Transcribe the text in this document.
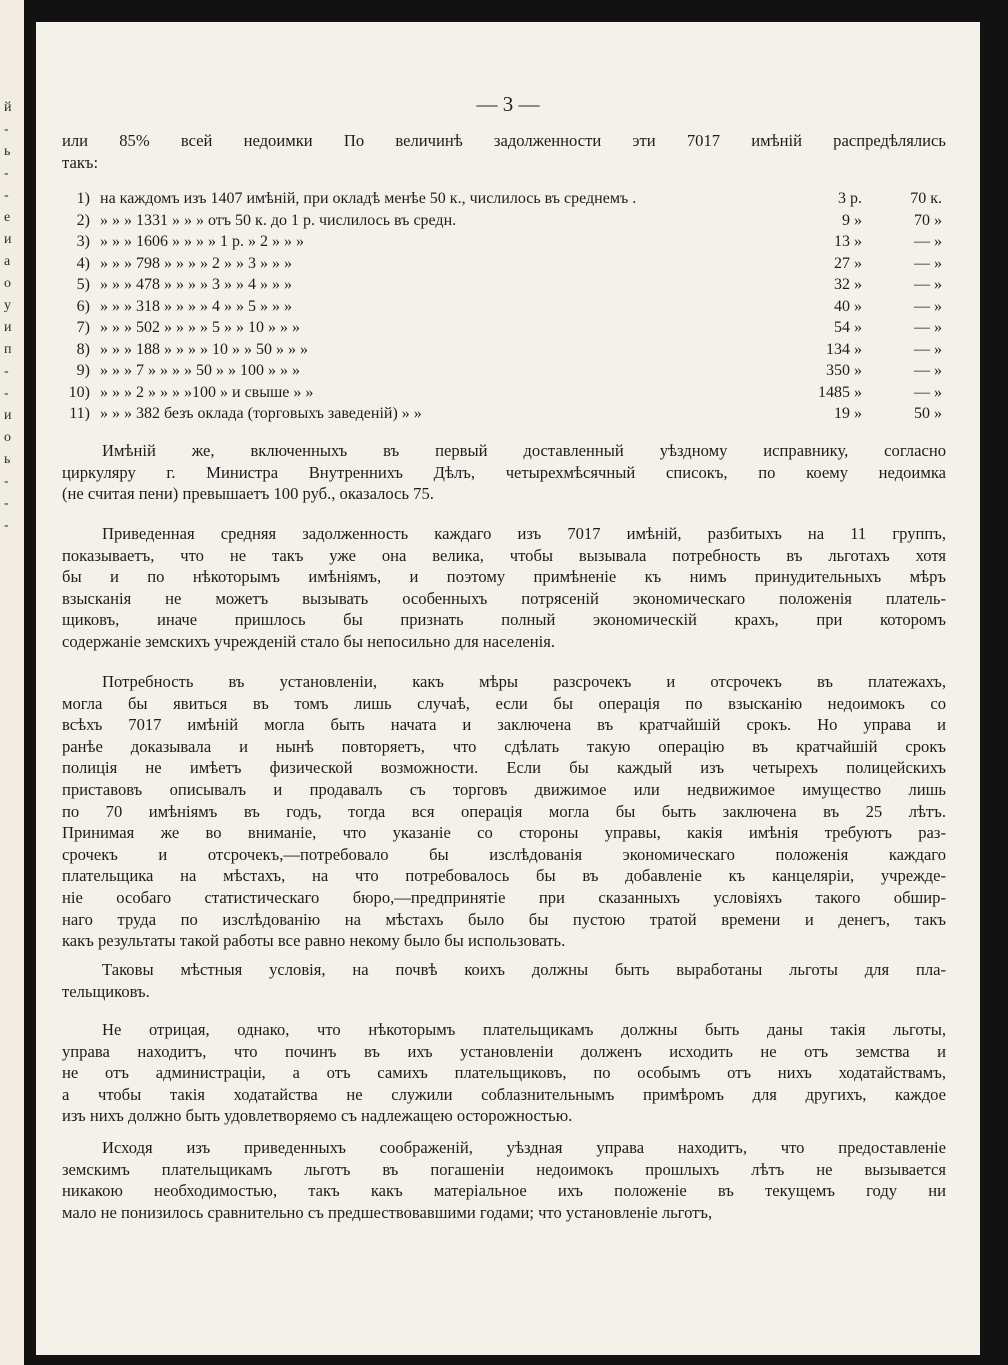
й
-
ь
-
-
е
и
а
о
у
и
п
-
-
и
о
ь
-
-
-
— 3 —
или 85% всей недоимки По величинѣ задолженности эти 7017 имѣнiй распредѣлялись
такъ:
1) на каждомъ изъ 1407 имѣнiй, при окладѣ менѣе 50 к., числилось въ среднемъ .	3 р.	70 к.
2) » » » 1331 » » » отъ 50 к. до 1 р. числилось въ средн.	9 »	70 »
3) » » » 1606 » » » » 1 р. » 2 » » »	13 »	— »
4) » » » 798 » » » » 2 » » 3 » » »	27 »	— »
5) » » » 478 » » » » 3 » » 4 » » »	32 »	— »
6) » » » 318 » » » » 4 » » 5 » » »	40 »	— »
7) » » » 502 » » » » 5 » » 10 » » »	54 »	— »
8) » » » 188 » » » » 10 » » 50 » » »	134 »	— »
9) » » » 7 » » » » 50 » » 100 » » »	350 »	— »
10) » » » 2 » » » »100 » и свыше » »	1485 »	— »
11) » » » 382 безъ оклада (торговыхъ заведенiй) » »	19 »	50 »
Имѣнiй же, включенныхъ въ первый доставленный уѣздному исправнику, согласно
циркуляру г. Министра Внутреннихъ Дѣлъ, четырехмѣсячный списокъ, по коему недоимка
(не считая пени) превышаетъ 100 руб., оказалось 75.
Приведенная средняя задолженность каждаго изъ 7017 имѣнiй, разбитыхъ на 11 группъ,
показываетъ, что не такъ уже она велика, чтобы вызывала потребность въ льготахъ хотя
бы и по нѣкоторымъ имѣнiямъ, и поэтому примѣненiе къ нимъ принудительныхъ мѣръ
взысканiя не можетъ вызывать особенныхъ потрясенiй экономическаго положенiя платель-
щиковъ, иначе пришлось бы признать полный экономическiй крахъ, при которомъ
содержанiе земскихъ учрежденiй стало бы непосильно для населенiя.
Потребность въ установленiи, какъ мѣры разсрочекъ и отсрочекъ въ платежахъ,
могла бы явиться въ томъ лишь случаѣ, если бы операцiя по взысканiю недоимокъ со
всѣхъ 7017 имѣнiй могла быть начата и заключена въ кратчайшiй срокъ. Но управа и
ранѣе доказывала и нынѣ повторяетъ, что сдѣлать такую операцiю въ кратчайшiй срокъ
полицiя не имѣетъ физической возможности. Если бы каждый изъ четырехъ полицейскихъ
приставовъ описывалъ и продавалъ съ торговъ движимое или недвижимое имущество лишь
по 70 имѣнiямъ въ годъ, тогда вся операцiя могла бы быть заключена въ 25 лѣтъ.
Принимая же во вниманiе, что указанiе со стороны управы, какiя имѣнiя требуютъ раз-
срочекъ и отсрочекъ,—потребовало бы изслѣдованiя экономическаго положенiя каждаго
плательщика на мѣстахъ, на что потребовалось бы въ добавленiе къ канцелярiи, учрежде-
нiе особаго статистическаго бюро,—предпринятiе при сказанныхъ условiяхъ такого обшир-
наго труда по изслѣдованiю на мѣстахъ было бы пустою тратой времени и денегъ, такъ
какъ результаты такой работы все равно некому было бы использовать.
Таковы мѣстныя условiя, на почвѣ коихъ должны быть выработаны льготы для пла-
тельщиковъ.
Не отрицая, однако, что нѣкоторымъ плательщикамъ должны быть даны такiя льготы,
управа находитъ, что починъ въ ихъ установленiи долженъ исходить не отъ земства и
не отъ администрацiи, а отъ самихъ плательщиковъ, по особымъ отъ нихъ ходатайствамъ,
а чтобы такiя ходатайства не служили соблазнительнымъ примѣромъ для другихъ, каждое
изъ нихъ должно быть удовлетворяемо съ надлежащею осторожностью.
Исходя изъ приведенныхъ соображенiй, уѣздная управа находитъ, что предоставленiе
земскимъ плательщикамъ льготъ въ погашенiи недоимокъ прошлыхъ лѣтъ не вызывается
никакою необходимостью, такъ какъ матерiальное ихъ положенiе въ текущемъ году ни
мало не понизилось сравнительно съ предшествовавшими годами; что установленiе льготъ,
